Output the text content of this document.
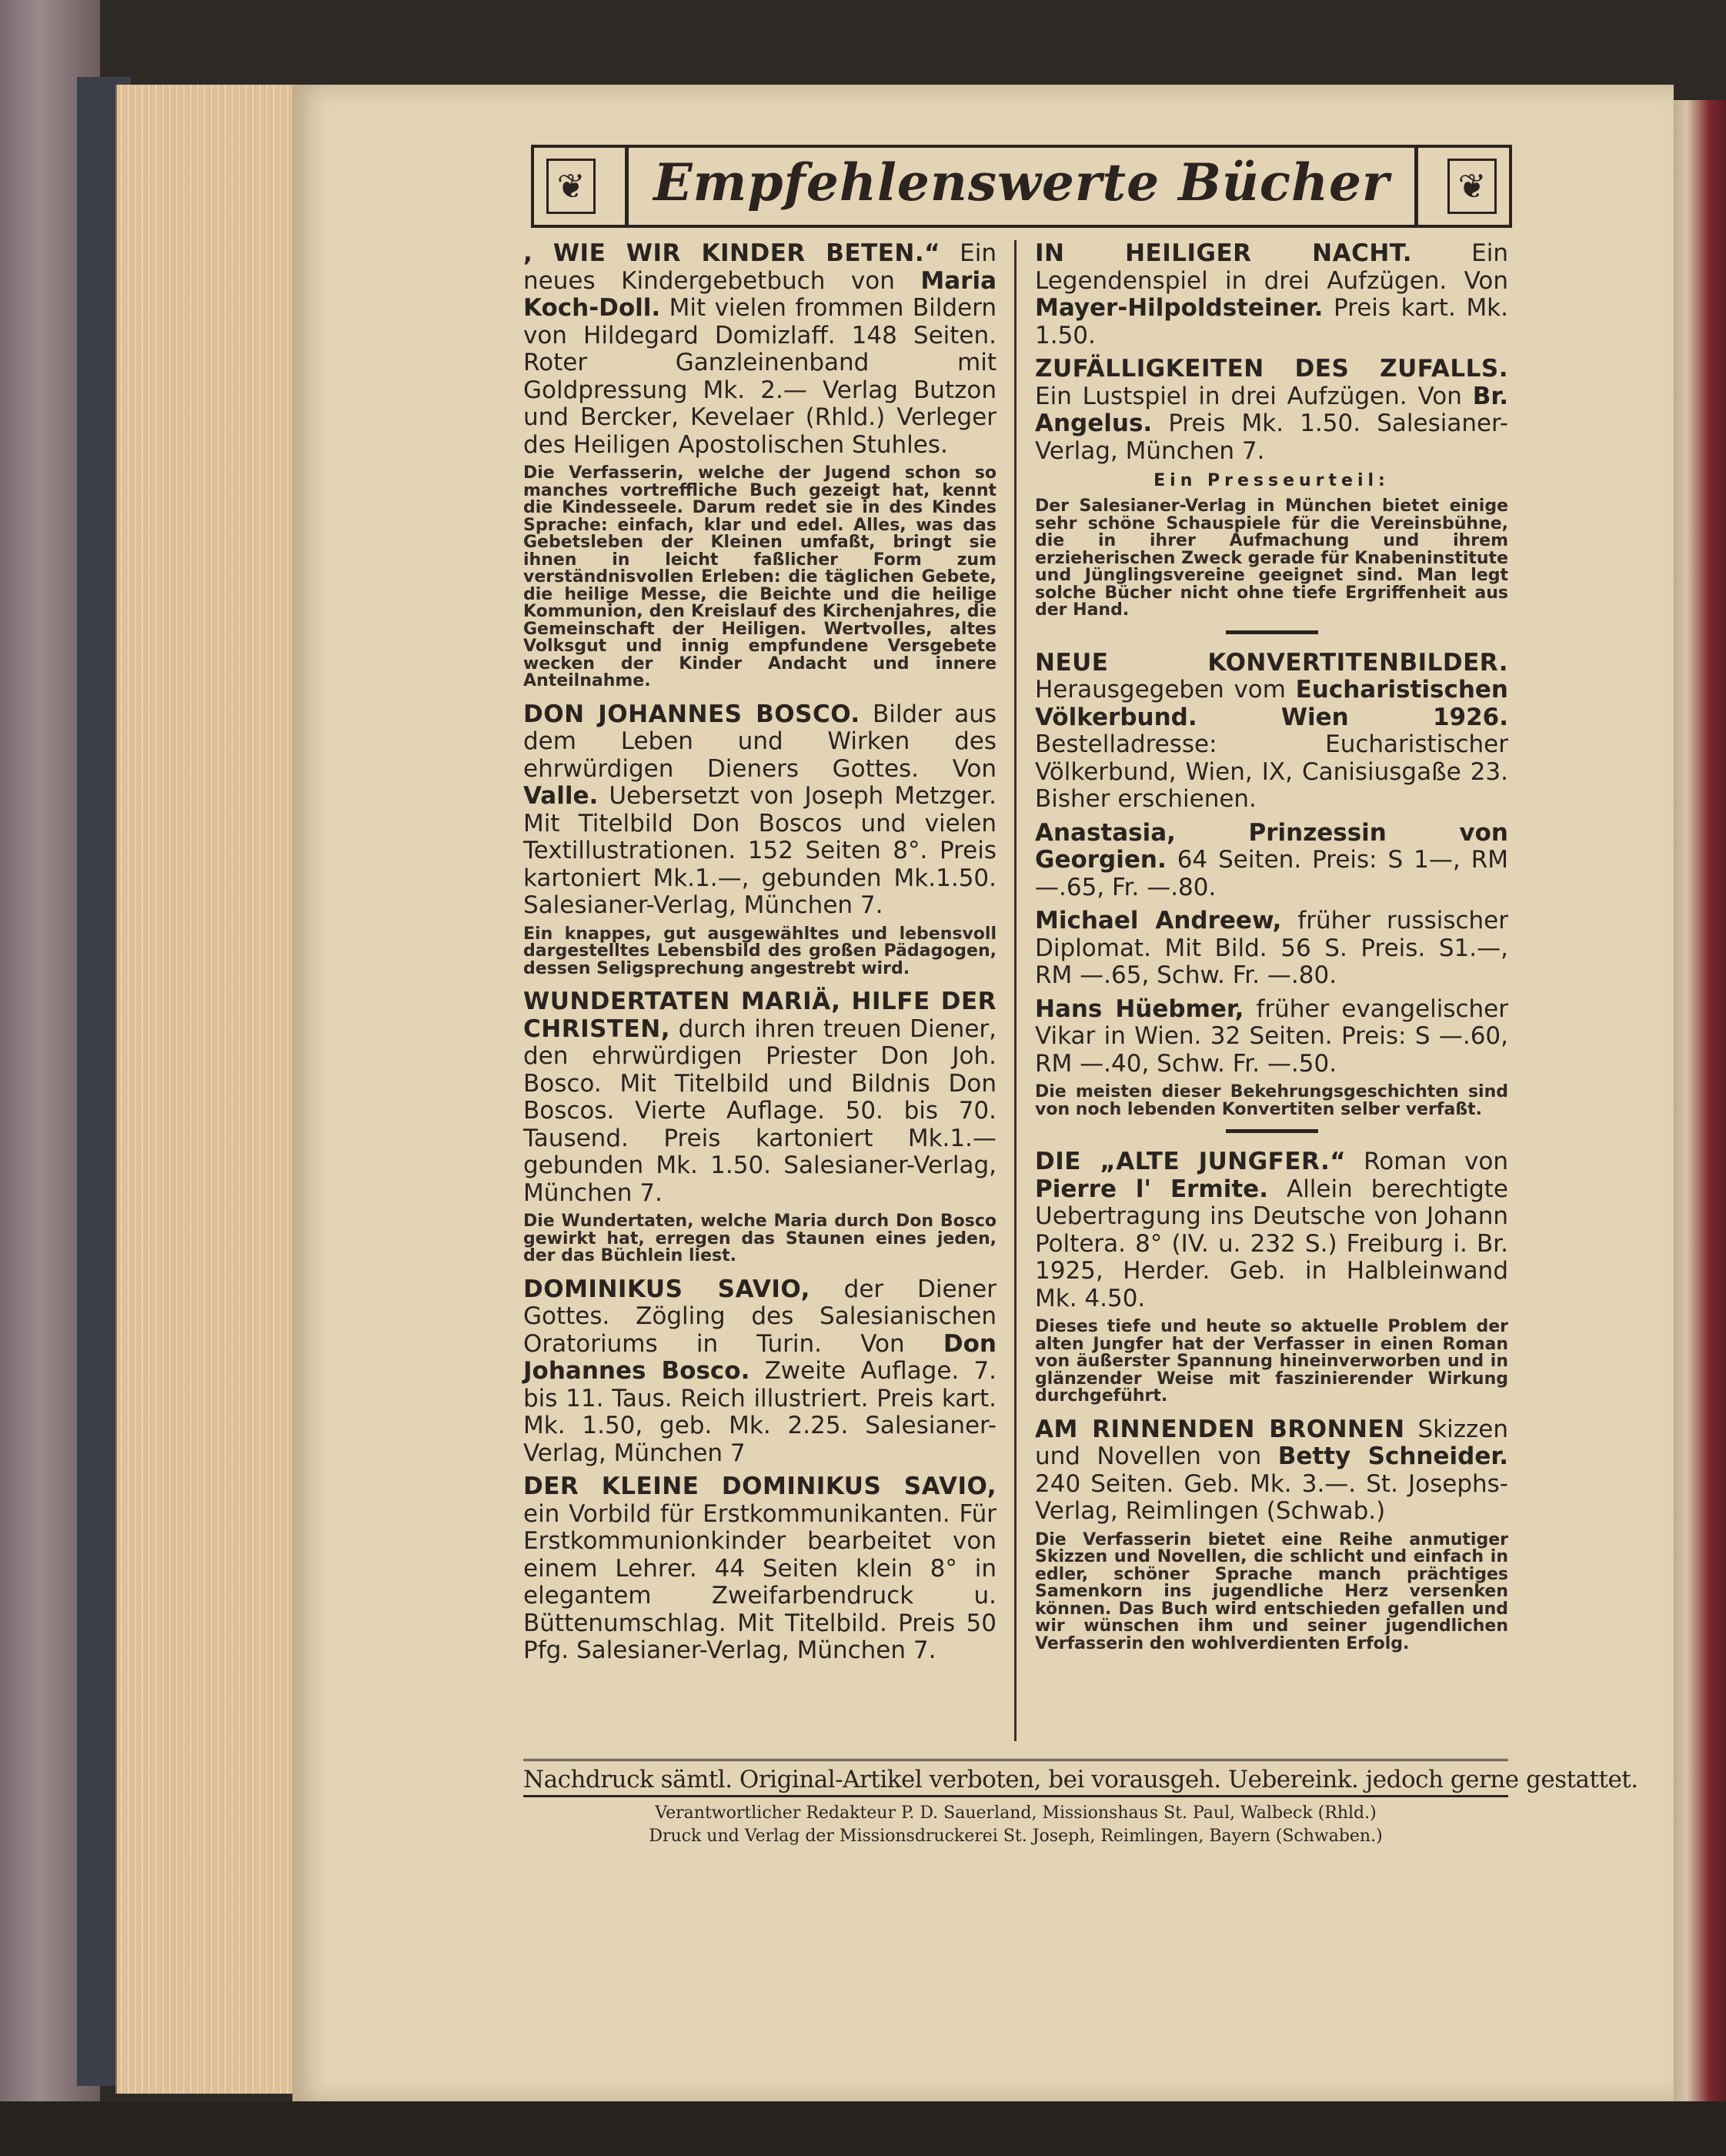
❦	Empfehlenswerte Bücher	❦

, WIE WIR KINDER BETEN.“ Ein neues Kindergebetbuch von Maria Koch-Doll. Mit vielen frommen Bildern von Hildegard Domizlaff. 148 Seiten. Roter Ganzleinenband mit Goldpressung Mk. 2.— Verlag Butzon und Bercker, Kevelaer (Rhld.) Verleger des Heiligen Apostolischen Stuhles.

Die Verfasserin, welche der Jugend schon so manches vortreffliche Buch gezeigt hat, kennt die Kindesseele. Darum redet sie in des Kindes Sprache: einfach, klar und edel. Alles, was das Gebetsleben der Kleinen umfaßt, bringt sie ihnen in leicht faßlicher Form zum verständnisvollen Erleben: die täglichen Gebete, die heilige Messe, die Beichte und die heilige Kommunion, den Kreislauf des Kirchenjahres, die Gemeinschaft der Heiligen. Wertvolles, altes Volksgut und innig empfundene Versgebete wecken der Kinder Andacht und innere Anteilnahme.

DON JOHANNES BOSCO. Bilder aus dem Leben und Wirken des ehrwürdigen Dieners Gottes. Von Valle. Uebersetzt von Joseph Metzger. Mit Titelbild Don Boscos und vielen Textillustrationen. 152 Seiten 8°. Preis kartoniert Mk.1.—, gebunden Mk.1.50. Salesianer-Verlag, München 7.

Ein knappes, gut ausgewähltes und lebensvoll dargestelltes Lebensbild des großen Pädagogen, dessen Seligsprechung angestrebt wird.

WUNDERTATEN MARIÄ, HILFE DER CHRISTEN, durch ihren treuen Diener, den ehrwürdigen Priester Don Joh. Bosco. Mit Titelbild und Bildnis Don Boscos. Vierte Auflage. 50. bis 70. Tausend. Preis kartoniert Mk.1.— gebunden Mk. 1.50. Salesianer-Verlag, München 7.

Die Wundertaten, welche Maria durch Don Bosco gewirkt hat, erregen das Staunen eines jeden, der das Büchlein liest.

DOMINIKUS SAVIO, der Diener Gottes. Zögling des Salesianischen Oratoriums in Turin. Von Don Johannes Bosco. Zweite Auflage. 7. bis 11. Taus. Reich illustriert. Preis kart. Mk. 1.50, geb. Mk. 2.25. Salesianer-Verlag, München 7

DER KLEINE DOMINIKUS SAVIO, ein Vorbild für Erstkommunikanten. Für Erstkommunionkinder bearbeitet von einem Lehrer. 44 Seiten klein 8° in elegantem Zweifarbendruck u. Büttenumschlag. Mit Titelbild. Preis 50 Pfg. Salesianer-Verlag, München 7.

IN HEILIGER NACHT. Ein Legendenspiel in drei Aufzügen. Von Mayer-Hilpoldsteiner. Preis kart. Mk. 1.50.

ZUFÄLLIGKEITEN DES ZUFALLS. Ein Lustspiel in drei Aufzügen. Von Br. Angelus. Preis Mk. 1.50. Salesianer-Verlag, München 7.

Ein Presseurteil:

Der Salesianer-Verlag in München bietet einige sehr schöne Schauspiele für die Vereinsbühne, die in ihrer Aufmachung und ihrem erzieherischen Zweck gerade für Knabeninstitute und Jünglingsvereine geeignet sind. Man legt solche Bücher nicht ohne tiefe Ergriffenheit aus der Hand.

NEUE KONVERTITENBILDER. Herausgegeben vom Eucharistischen Völkerbund. Wien 1926. Bestelladresse: Eucharistischer Völkerbund, Wien, IX, Canisiusgaße 23. Bisher erschienen.

Anastasia, Prinzessin von Georgien. 64 Seiten. Preis: S 1—, RM —.65, Fr. —.80.

Michael Andreew, früher russischer Diplomat. Mit Bild. 56 S. Preis. S1.—, RM —.65, Schw. Fr. —.80.

Hans Hüebmer, früher evangelischer Vikar in Wien. 32 Seiten. Preis: S —.60, RM —.40, Schw. Fr. —.50.

Die meisten dieser Bekehrungsgeschichten sind von noch lebenden Konvertiten selber verfaßt.

DIE „ALTE JUNGFER.“ Roman von Pierre l' Ermite. Allein berechtigte Uebertragung ins Deutsche von Johann Poltera. 8° (IV. u. 232 S.) Freiburg i. Br. 1925, Herder. Geb. in Halbleinwand Mk. 4.50.

Dieses tiefe und heute so aktuelle Problem der alten Jungfer hat der Verfasser in einen Roman von äußerster Spannung hineinverworben und in glänzender Weise mit faszinierender Wirkung durchgeführt.

AM RINNENDEN BRONNEN Skizzen und Novellen von Betty Schneider. 240 Seiten. Geb. Mk. 3.—. St. Josephs-Verlag, Reimlingen (Schwab.)

Die Verfasserin bietet eine Reihe anmutiger Skizzen und Novellen, die schlicht und einfach in edler, schöner Sprache manch prächtiges Samenkorn ins jugendliche Herz versenken können. Das Buch wird entschieden gefallen und wir wünschen ihm und seiner jugendlichen Verfasserin den wohlverdienten Erfolg.

Nachdruck sämtl. Original-Artikel verboten, bei vorausgeh. Uebereink. jedoch gerne gestattet.
Verantwortlicher Redakteur P. D. Sauerland, Missionshaus St. Paul, Walbeck (Rhld.)
Druck und Verlag der Missionsdruckerei St. Joseph, Reimlingen, Bayern (Schwaben.)
